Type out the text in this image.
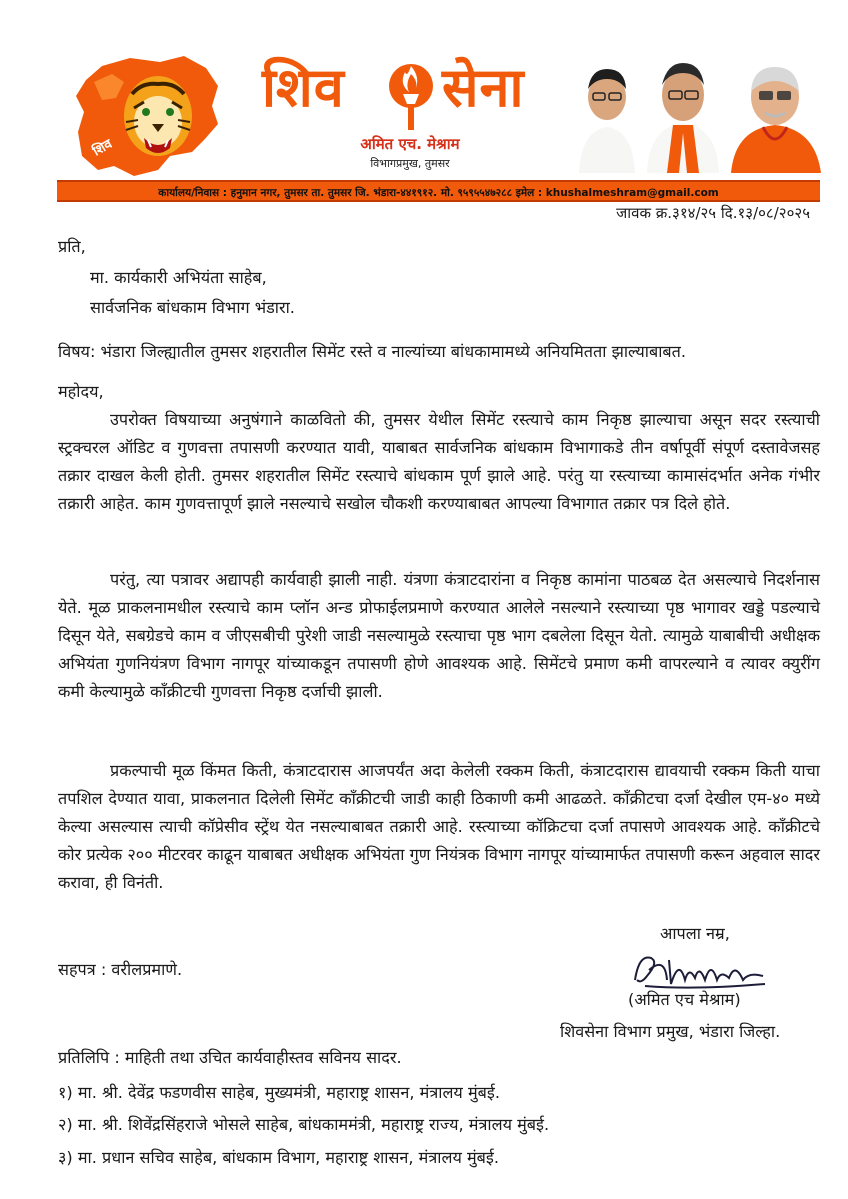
शिव
सेना
शिव सेना
अमित एच. मेश्राम
विभागप्रमुख, तुमसर
कार्यालय/निवास : हनुमान नगर, तुमसर ता. तुमसर जि. भंडारा-४४१९१२. मो. ९५९५५४७२८८ इमेल : khushalmeshram@gmail.com
जावक क्र.३१४/२५ दि.१३/०८/२०२५
प्रति,
मा. कार्यकारी अभियंता साहेब,
सार्वजनिक बांधकाम विभाग भंडारा.
विषय: भंडारा जिल्ह्यातील तुमसर शहरातील सिमेंट रस्ते व नाल्यांच्या बांधकामामध्ये अनियमितता झाल्याबाबत.
महोदय,
उपरोक्त विषयाच्या अनुषंगाने काळवितो की, तुमसर येथील सिमेंट रस्त्याचे काम निकृष्ठ झाल्याचा असून सदर रस्त्याची स्ट्रक्चरल ऑडिट व गुणवत्ता तपासणी करण्यात यावी, याबाबत सार्वजनिक बांधकाम विभागाकडे तीन वर्षापूर्वी संपूर्ण दस्तावेजसह तक्रार दाखल केली होती. तुमसर शहरातील सिमेंट रस्त्याचे बांधकाम पूर्ण झाले आहे. परंतु या रस्त्याच्या कामासंदर्भात अनेक गंभीर तक्रारी आहेत. काम गुणवत्तापूर्ण झाले नसल्याचे सखोल चौकशी करण्याबाबत आपल्या विभागात तक्रार पत्र दिले होते.
परंतु, त्या पत्रावर अद्यापही कार्यवाही झाली नाही. यंत्रणा कंत्राटदारांना व निकृष्ठ कामांना पाठबळ देत असल्याचे निदर्शनास येते. मूळ प्राकलनामधील रस्त्याचे काम प्लॉन अन्ड प्रोफाईलप्रमाणे करण्यात आलेले नसल्याने रस्त्याच्या पृष्ठ भागावर खड्डे पडल्याचे दिसून येते, सबग्रेडचे काम व जीएसबीची पुरेशी जाडी नसल्यामुळे रस्त्याचा पृष्ठ भाग दबलेला दिसून येतो. त्यामुळे याबाबीची अधीक्षक अभियंता गुणनियंत्रण विभाग नागपूर यांच्याकडून तपासणी होणे आवश्यक आहे. सिमेंटचे प्रमाण कमी वापरल्याने व त्यावर क्युरींग कमी केल्यामुळे कॉंक्रीटची गुणवत्ता निकृष्ठ दर्जाची झाली.
प्रकल्पाची मूळ किंमत किती, कंत्राटदारास आजपर्यंत अदा केलेली रक्कम किती, कंत्राटदारास द्यावयाची रक्कम किती याचा तपशिल देण्यात यावा, प्राकलनात दिलेली सिमेंट कॉंक्रीटची जाडी काही ठिकाणी कमी आढळते. कॉंक्रीटचा दर्जा देखील एम-४० मध्ये केल्या असल्यास त्याची कॉप्रेसीव स्ट्रेंथ येत नसल्याबाबत तक्रारी आहे. रस्त्याच्या कॉक्रिटचा दर्जा तपासणे आवश्यक आहे. कॉंक्रीटचे कोर प्रत्येक २०० मीटरवर काढून याबाबत अधीक्षक अभियंता गुण नियंत्रक विभाग नागपूर यांच्यामार्फत तपासणी करून अहवाल सादर करावा, ही विनंती.
आपला नम्र,
(अमित एच मेश्राम)
शिवसेना विभाग प्रमुख, भंडारा जिल्हा.
सहपत्र : वरीलप्रमाणे.
प्रतिलिपि : माहिती तथा उचित कार्यवाहीस्तव सविनय सादर.
१) मा. श्री. देवेंद्र फडणवीस साहेब, मुख्यमंत्री, महाराष्ट्र शासन, मंत्रालय मुंबई.
२) मा. श्री. शिवेंद्रसिंहराजे भोसले साहेब, बांधकाममंत्री, महाराष्ट्र राज्य, मंत्रालय मुंबई.
३) मा. प्रधान सचिव साहेब, बांधकाम विभाग, महाराष्ट्र शासन, मंत्रालय मुंबई.
